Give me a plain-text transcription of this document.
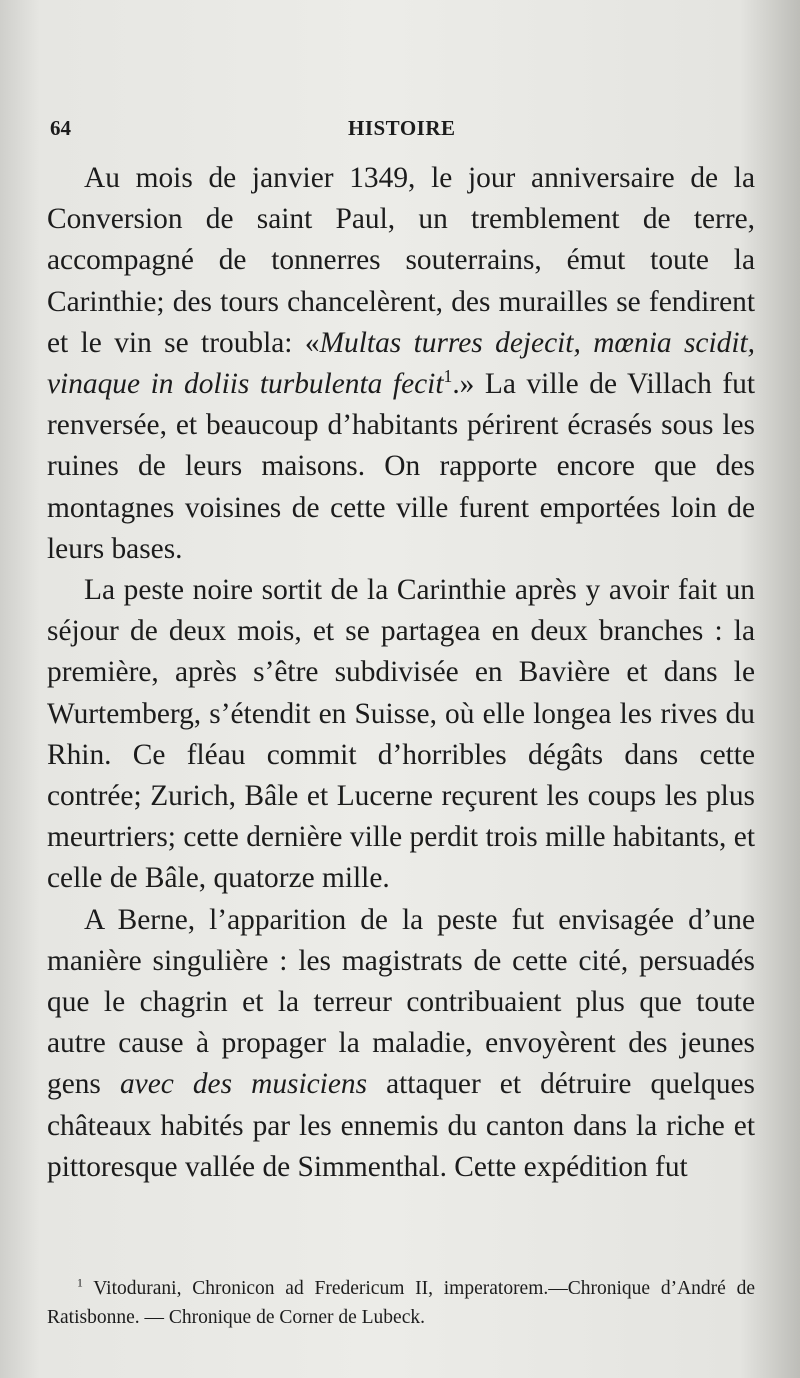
64	HISTOIRE

Au mois de janvier 1349, le jour anniversaire de la Conversion de saint Paul, un tremblement de terre, accompagné de tonnerres souterrains, émut toute la Carinthie; des tours chancelèrent, des murailles se fendirent et le vin se troubla: «Multas turres dejecit, mœnia scidit, vinaque in doliis turbulenta fecit$^1$.» La ville de Villach fut renversée, et beaucoup d’habitants périrent écrasés sous les ruines de leurs maisons. On rapporte encore que des montagnes voisines de cette ville furent emportées loin de leurs bases.

La peste noire sortit de la Carinthie après y avoir fait un séjour de deux mois, et se partagea en deux branches : la première, après s’être subdivisée en Bavière et dans le Wurtemberg, s’étendit en Suisse, où elle longea les rives du Rhin. Ce fléau commit d’horribles dégâts dans cette contrée; Zurich, Bâle et Lucerne reçurent les coups les plus meurtriers; cette dernière ville perdit trois mille habitants, et celle de Bâle, quatorze mille.

A Berne, l’apparition de la peste fut envisagée d’une manière singulière : les magistrats de cette cité, persuadés que le chagrin et la terreur contribuaient plus que toute autre cause à propager la maladie, envoyèrent des jeunes gens avec des musiciens attaquer et détruire quelques châteaux habités par les ennemis du canton dans la riche et pittoresque vallée de Simmenthal. Cette expédition fut

$^1$ Vitodurani, Chronicon ad Fredericum II, imperatorem.—Chronique d’André de Ratisbonne. — Chronique de Corner de Lubeck.
